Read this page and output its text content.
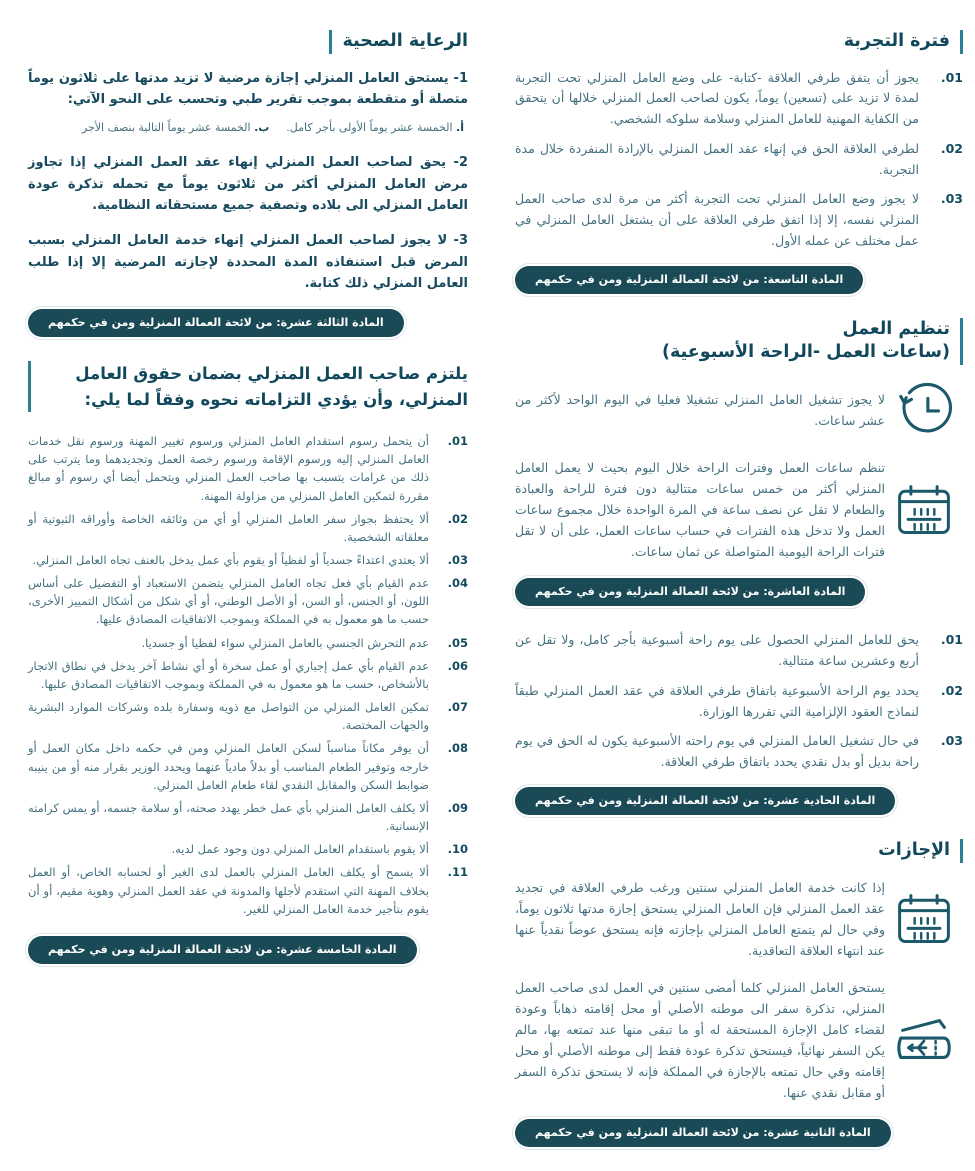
فترة التجربة
01.
يجوز أن يتفق طرفي العلاقة -كتابة- على وضع العامل المنزلي تحت التجربة لمدة لا تزيد على (تسعين) يوماً، يكون لصاحب العمل المنزلي خلالها أن يتحقق من الكفاية المهنية للعامل المنزلي وسلامة سلوكه الشخصي.
02.
لطرفي العلاقة الحق في إنهاء عقد العمل المنزلي بالإرادة المنفردة خلال مدة التجربة.
03.
لا يجوز وضع العامل المنزلي تحت التجربة أكثر من مرة لدى صاحب العمل المنزلي نفسه، إلا إذا اتفق طرفي العلاقة على أن يشتغل العامل المنزلي في عمل مختلف عن عمله الأول.
المادة التاسعة: من لائحة العمالة المنزلية ومن في حكمهم
تنظيم العمل
(ساعات العمل -الراحة الأسبوعية)
لا يجوز تشغيل العامل المنزلي تشغيلا فعليا في اليوم الواحد لأكثر من عشر ساعات.
تنظم ساعات العمل وفترات الراحة خلال اليوم بحيث لا يعمل العامل المنزلي أكثر من خمس ساعات متتالية دون فترة للراحة والعبادة والطعام لا تقل عن نصف ساعة في المرة الواحدة خلال مجموع ساعات العمل ولا تدخل هذه الفترات في حساب ساعات العمل، على أن لا تقل فترات الراحة اليومية المتواصلة عن ثمان ساعات.
المادة العاشرة: من لائحة العمالة المنزلية ومن في حكمهم
01.
يحق للعامل المنزلي الحصول على يوم راحة أسبوعية بأجر كامل، ولا تقل عن أربع وعشرين ساعة متتالية.
02.
يحدد يوم الراحة الأسبوعية باتفاق طرفي العلاقة في عقد العمل المنزلي طبقاً لنماذج العقود الإلزامية التي تقررها الوزارة.
03.
في حال تشغيل العامل المنزلي في يوم راحته الأسبوعية يكون له الحق في يوم راحة بديل أو بدل نقدي يحدد باتفاق طرفي العلاقة.
المادة الحادية عشرة: من لائحة العمالة المنزلية ومن في حكمهم
الإجازات
إذا كانت خدمة العامل المنزلي سنتين ورغب طرفي العلاقة في تجديد عقد العمل المنزلي فإن العامل المنزلي يستحق إجازة مدتها ثلاثون يوماً، وفي حال لم يتمتع العامل المنزلي بإجازته فإنه يستحق عوضاً نقدياً عنها عند انتهاء العلاقة التعاقدية.
يستحق العامل المنزلي كلما أمضى سنتين في العمل لدى صاحب العمل المنزلي، تذكرة سفر الى موطنه الأصلي أو محل إقامته ذهاباً وعودة لقضاء كامل الإجازة المستحقة له أو ما تبقى منها عند تمتعه بها، مالم يكن السفر نهائياً، فيستحق تذكرة عودة فقط إلى موطنه الأصلي أو محل إقامته وفي حال تمتعه بالإجازة في المملكة فإنه لا يستحق تذكرة السفر أو مقابل نقدي عنها.
المادة الثانية عشرة: من لائحة العمالة المنزلية ومن في حكمهم
الرعاية الصحية

1- يستحق العامل المنزلي إجازة مرضية لا تزيد مدتها على ثلاثون يوماً متصلة أو متقطعة بموجب تقرير طبي وتحسب على النحو الآتي:

أ. الخمسة عشر يوماً الأولى بأجر كامل.  ب. الخمسة عشر يوماً التالية بنصف الأجر

2- يحق لصاحب العمل المنزلي إنهاء عقد العمل المنزلي إذا تجاوز مرض العامل المنزلي أكثر من ثلاثون يوماً مع تحمله تذكرة عودة العامل المنزلي الى بلاده وتصفية جميع مستحقاته النظامية.

3- لا يجوز لصاحب العمل المنزلي إنهاء خدمة العامل المنزلي بسبب المرض قبل استنفاذه المدة المحددة لإجازته المرضية إلا إذا طلب العامل المنزلي ذلك كتابة.

المادة الثالثة عشرة: من لائحة العمالة المنزلية ومن في حكمهم
يلتزم صاحب العمل المنزلي بضمان حقوق العامل المنزلي، وأن يؤدي التزاماته نحوه وفقاً لما يلي:
01.
أن يتحمل رسوم استقدام العامل المنزلي ورسوم تغيير المهنة ورسوم نقل خدمات العامل المنزلي إليه ورسوم الإقامة ورسوم رخصة العمل وتجديدهما وما يترتب على ذلك من غرامات يتسبب بها صاحب العمل المنزلي ويتحمل أيضا أي رسوم أو مبالغ مقررة لتمكين العامل المنزلي من مزاولة المهنة.
02.
ألا يحتفظ بجواز سفر العامل المنزلي أو أي من وثائقه الخاصة وأوراقه الثبوتية أو معلقاته الشخصية.
03.
ألا يعتدي اعتداءً جسدياً أو لفظياً أو يقوم بأي عمل يدخل بالعنف تجاه العامل المنزلي.
04.
عدم القيام بأي فعل تجاه العامل المنزلي يتضمن الاستعباد أو التفضيل على أساس اللون، أو الجنس، أو السن، أو الأصل الوطني، أو أي شكل من أشكال التمييز الأخرى، حسب ما هو معمول به في المملكة وبموجب الاتفاقيات المصادق عليها.
05.
عدم التحرش الجنسي بالعامل المنزلي سواء لفظيا أو جسديا.
06.
عدم القيام بأي عمل إجباري أو عمل سخرة أو أي نشاط آخر يدخل في نطاق الاتجار بالأشخاص، حسب ما هو معمول به في المملكة وبموجب الاتفاقيات المصادق عليها.
07.
تمكين العامل المنزلي من التواصل مع ذويه وسفارة بلده وشركات الموارد البشرية والجهات المختصة.
08.
أن يوفر مكاناً مناسباً لسكن العامل المنزلي ومن في حكمه داخل مكان العمل أو خارجه وتوفير الطعام المناسب أو بدلاً مادياً عنهما ويحدد الوزير بقرار منه أو من ينيبه ضوابط السكن والمقابل النقدي لقاء طعام العامل المنزلي.
09.
ألا يكلف العامل المنزلي بأي عمل خطر يهدد صحته، أو سلامة جسمه، أو يمس كرامته الإنسانية.
10.
ألا يقوم باستقدام العامل المنزلي دون وجود عمل لديه.
11.
ألا يسمح أو يكلف العامل المنزلي بالعمل لدى الغير أو لحسابه الخاص، أو العمل بخلاف المهنة التي استقدم لأجلها والمدونة في عقد العمل المنزلي وهوية مقيم، أو أن يقوم بتأجير خدمة العامل المنزلي للغير.
المادة الخامسة عشرة: من لائحة العمالة المنزلية ومن في حكمهم
